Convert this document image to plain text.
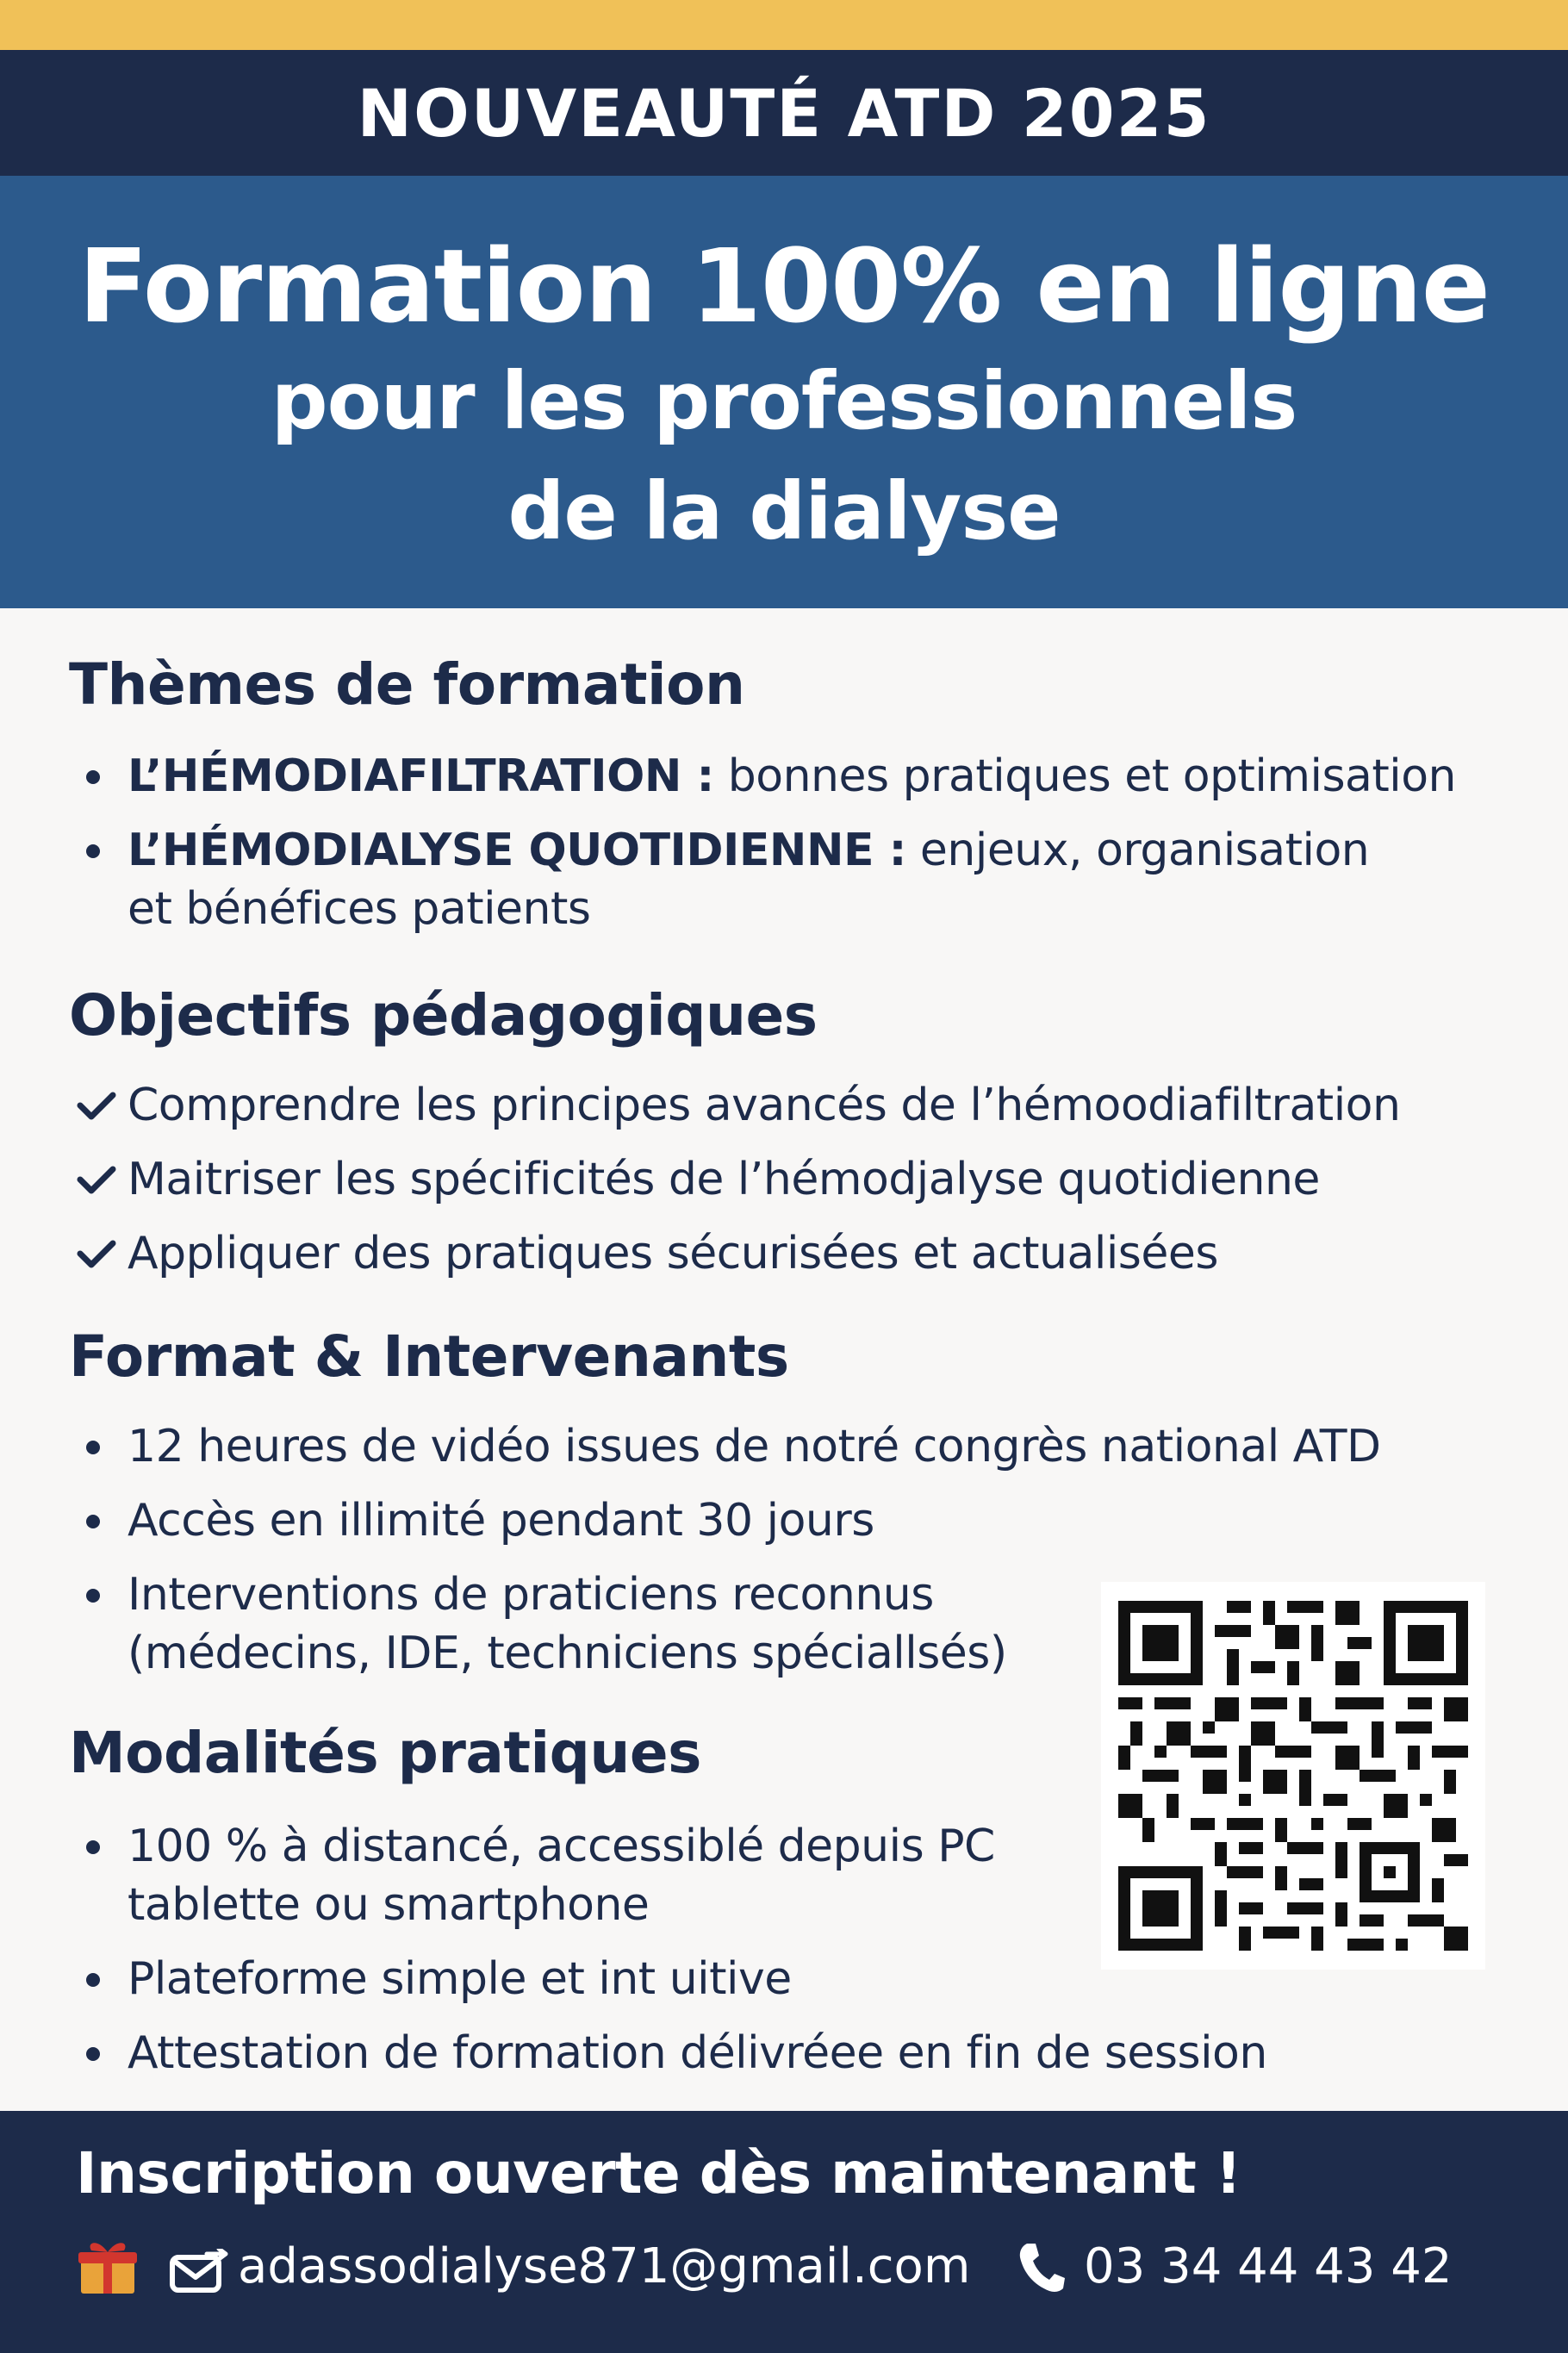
NOUVEAUTÉ ATD 2025
Formation 100% en ligne
pour les professionnels
de la dialyse
Thèmes de formation
L’HÉMODIAFILTRATION : bonnes pratiques et optimisation
L’HÉMODIALYSE QUOTIDIENNE : enjeux, organisation
et bénéfices patients
Objectifs pédagogiques
Comprendre les principes avancés de l’hémoodiafiltration
Maitriser les spécificités de l’hémodjalyse quotidienne
Appliquer des pratiques sécurisées et actualisées
Format & Intervenants
12 heures de vidéo issues de notré congrès national ATD
Accès en illimité pendant 30 jours
Interventions de praticiens reconnus
(médecins, IDE, techniciens spéciallsés)
Modalités pratiques
100 % à distancé, accessiblé depuis PC
tablette ou smartphone
Plateforme simple et int uitive
Attestation de formation délivréee en fin de session
Inscription ouverte dès maintenant !
adassodialyse871@gmail.com 03 34 44 43 42
